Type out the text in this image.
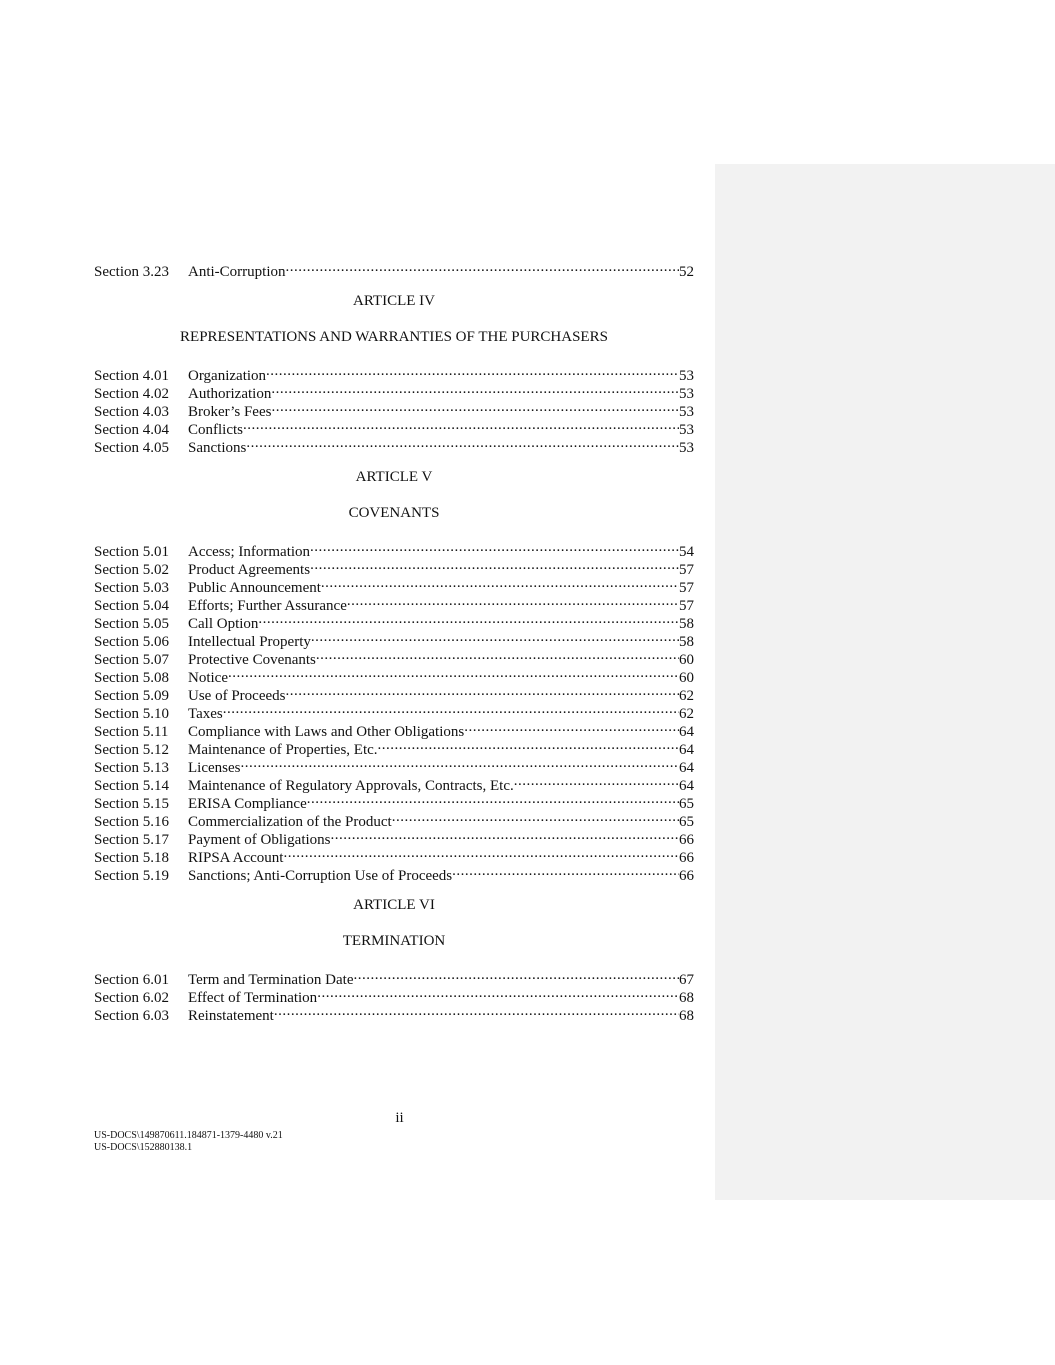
Section 3.23	Anti-Corruption .....	52
ARTICLE IV
REPRESENTATIONS AND WARRANTIES OF THE PURCHASERS
Section 4.01	Organization .....	53
Section 4.02	Authorization .....	53
Section 4.03	Broker’s Fees .....	53
Section 4.04	Conflicts .....	53
Section 4.05	Sanctions .....	53
ARTICLE V
COVENANTS
Section 5.01	Access; Information .....	54
Section 5.02	Product Agreements .....	57
Section 5.03	Public Announcement .....	57
Section 5.04	Efforts; Further Assurance .....	57
Section 5.05	Call Option .....	58
Section 5.06	Intellectual Property .....	58
Section 5.07	Protective Covenants .....	60
Section 5.08	Notice .....	60
Section 5.09	Use of Proceeds .....	62
Section 5.10	Taxes .....	62
Section 5.11	Compliance with Laws and Other Obligations .....	64
Section 5.12	Maintenance of Properties, Etc. .....	64
Section 5.13	Licenses .....	64
Section 5.14	Maintenance of Regulatory Approvals, Contracts, Etc. .....	64
Section 5.15	ERISA Compliance .....	65
Section 5.16	Commercialization of the Product .....	65
Section 5.17	Payment of Obligations .....	66
Section 5.18	RIPSA Account .....	66
Section 5.19	Sanctions; Anti-Corruption Use of Proceeds .....	66
ARTICLE VI
TERMINATION
Section 6.01	Term and Termination Date .....	67
Section 6.02	Effect of Termination .....	68
Section 6.03	Reinstatement .....	68
ii
US-DOCS\149870611.184871-1379-4480 v.21
US-DOCS\152880138.1
